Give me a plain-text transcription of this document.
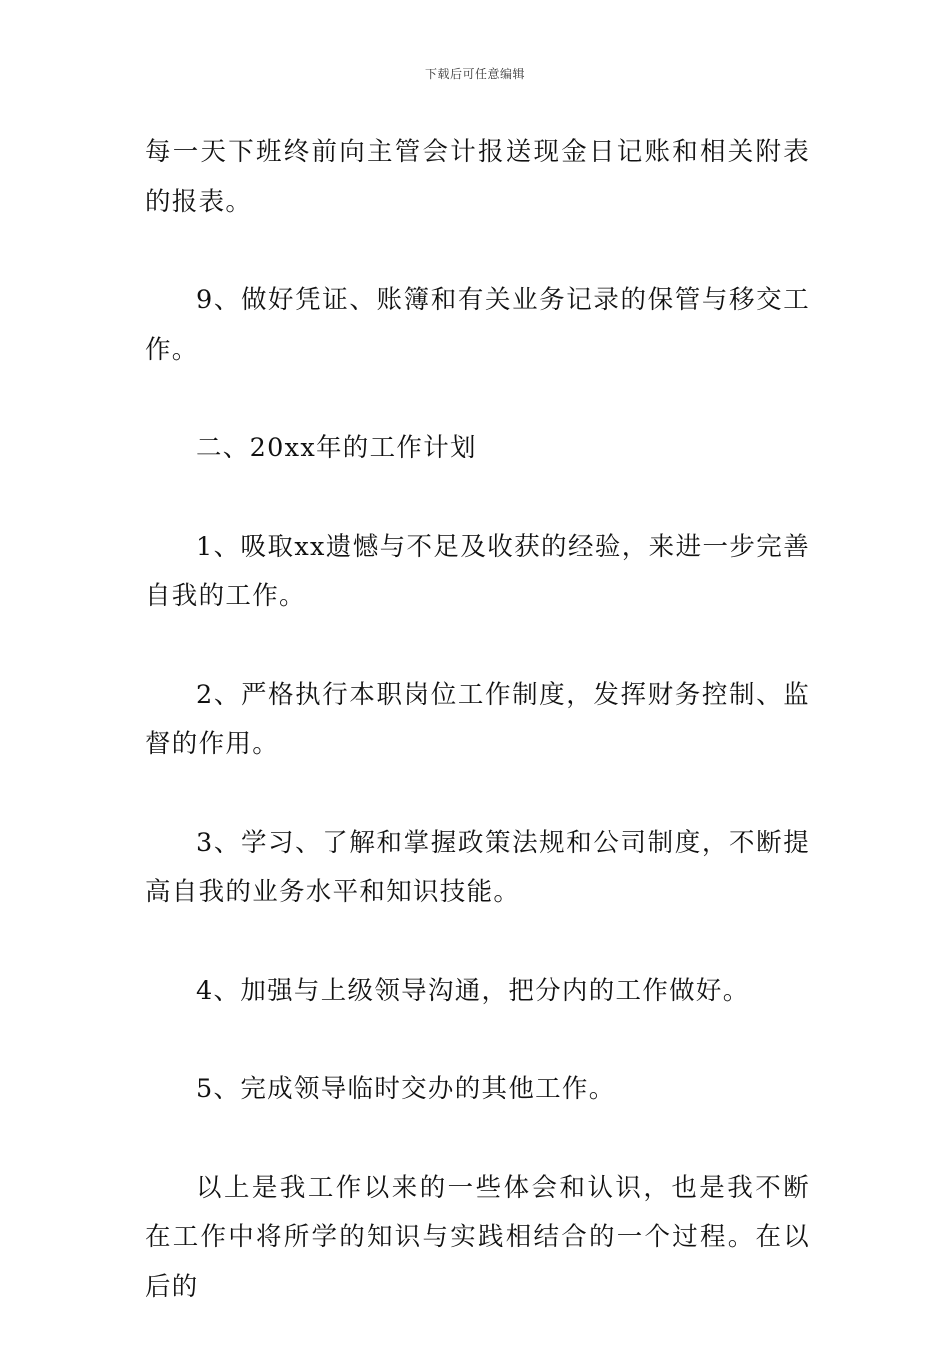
下载后可任意编辑

每一天下班终前向主管会计报送现金日记账和相关附表的报表。

9、做好凭证、账簿和有关业务记录的保管与移交工作。

二、20xx年的工作计划

1、吸取xx遗憾与不足及收获的经验，来进一步完善自我的工作。

2、严格执行本职岗位工作制度，发挥财务控制、监督的作用。

3、学习、了解和掌握政策法规和公司制度，不断提高自我的业务水平和知识技能。

4、加强与上级领导沟通，把分内的工作做好。

5、完成领导临时交办的其他工作。

以上是我工作以来的一些体会和认识，也是我不断在工作中将所学的知识与实践相结合的一个过程。在以后的
